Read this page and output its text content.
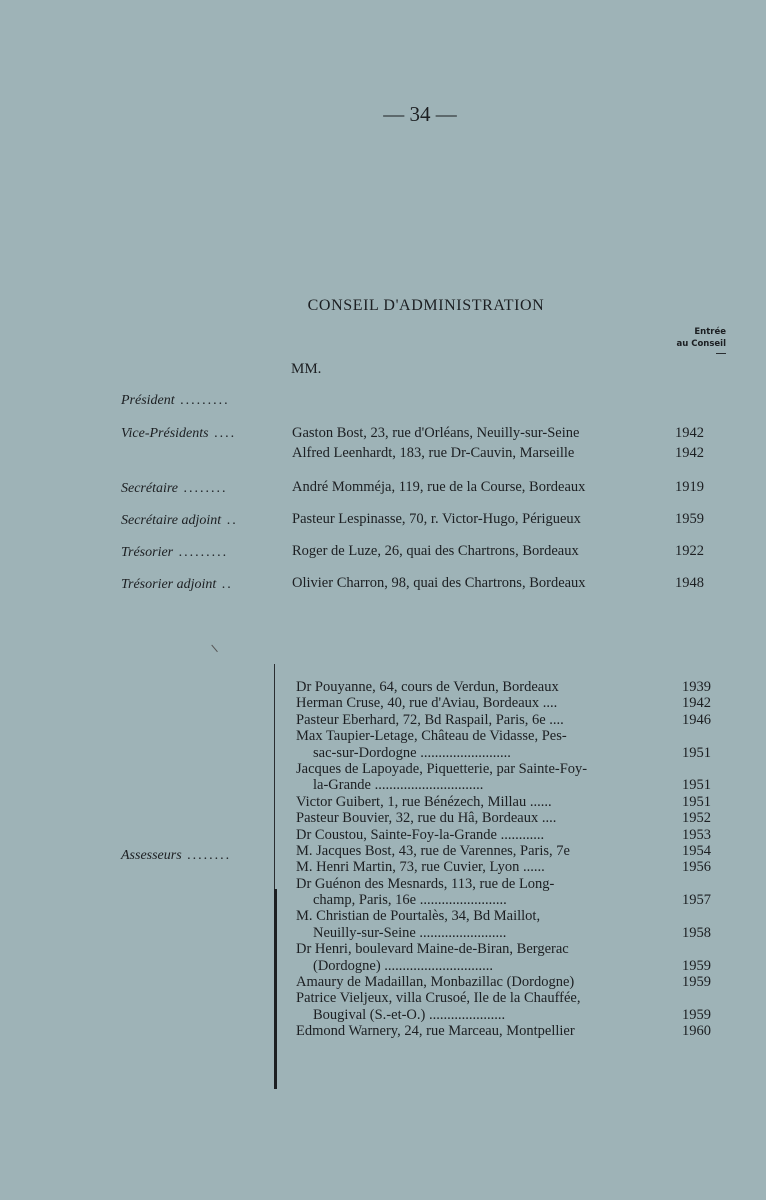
— 34 —
CONSEIL D'ADMINISTRATION
Entrée
au Conseil
MM.
Président .........
Vice-Présidents ....	Gaston Bost, 23, rue d'Orléans, Neuilly-sur-Seine	1942
Alfred Leenhardt, 183, rue Dr-Cauvin, Marseille	1942
Secrétaire ........	André Momméja, 119, rue de la Course, Bordeaux	1919
Secrétaire adjoint ..	Pasteur Lespinasse, 70, r. Victor-Hugo, Périgueux	1959
Trésorier .........	Roger de Luze, 26, quai des Chartrons, Bordeaux	1922
Trésorier adjoint ..	Olivier Charron, 98, quai des Chartrons, Bordeaux	1948
Assesseurs ........
Dr Pouyanne, 64, cours de Verdun, Bordeaux	1939
Herman Cruse, 40, rue d'Aviau, Bordeaux ....	1942
Pasteur Eberhard, 72, Bd Raspail, Paris, 6e ....	1946
Max Taupier-Letage, Château de Vidasse, Pes-
sac-sur-Dordogne .........................	1951
Jacques de Lapoyade, Piquetterie, par Sainte-Foy-
la-Grande ..............................	1951
Victor Guibert, 1, rue Bénézech, Millau ......	1951
Pasteur Bouvier, 32, rue du Hâ, Bordeaux ....	1952
Dr Coustou, Sainte-Foy-la-Grande ............	1953
M. Jacques Bost, 43, rue de Varennes, Paris, 7e	1954
M. Henri Martin, 73, rue Cuvier, Lyon ......	1956
Dr Guénon des Mesnards, 113, rue de Long-
champ, Paris, 16e ........................	1957
M. Christian de Pourtalès, 34, Bd Maillot,
Neuilly-sur-Seine ........................	1958
Dr Henri, boulevard Maine-de-Biran, Bergerac
(Dordogne) ..............................	1959
Amaury de Madaillan, Monbazillac (Dordogne)	1959
Patrice Vieljeux, villa Crusoé, Ile de la Chauffée,
Bougival (S.-et-O.) .....................	1959
Edmond Warnery, 24, rue Marceau, Montpellier	1960
